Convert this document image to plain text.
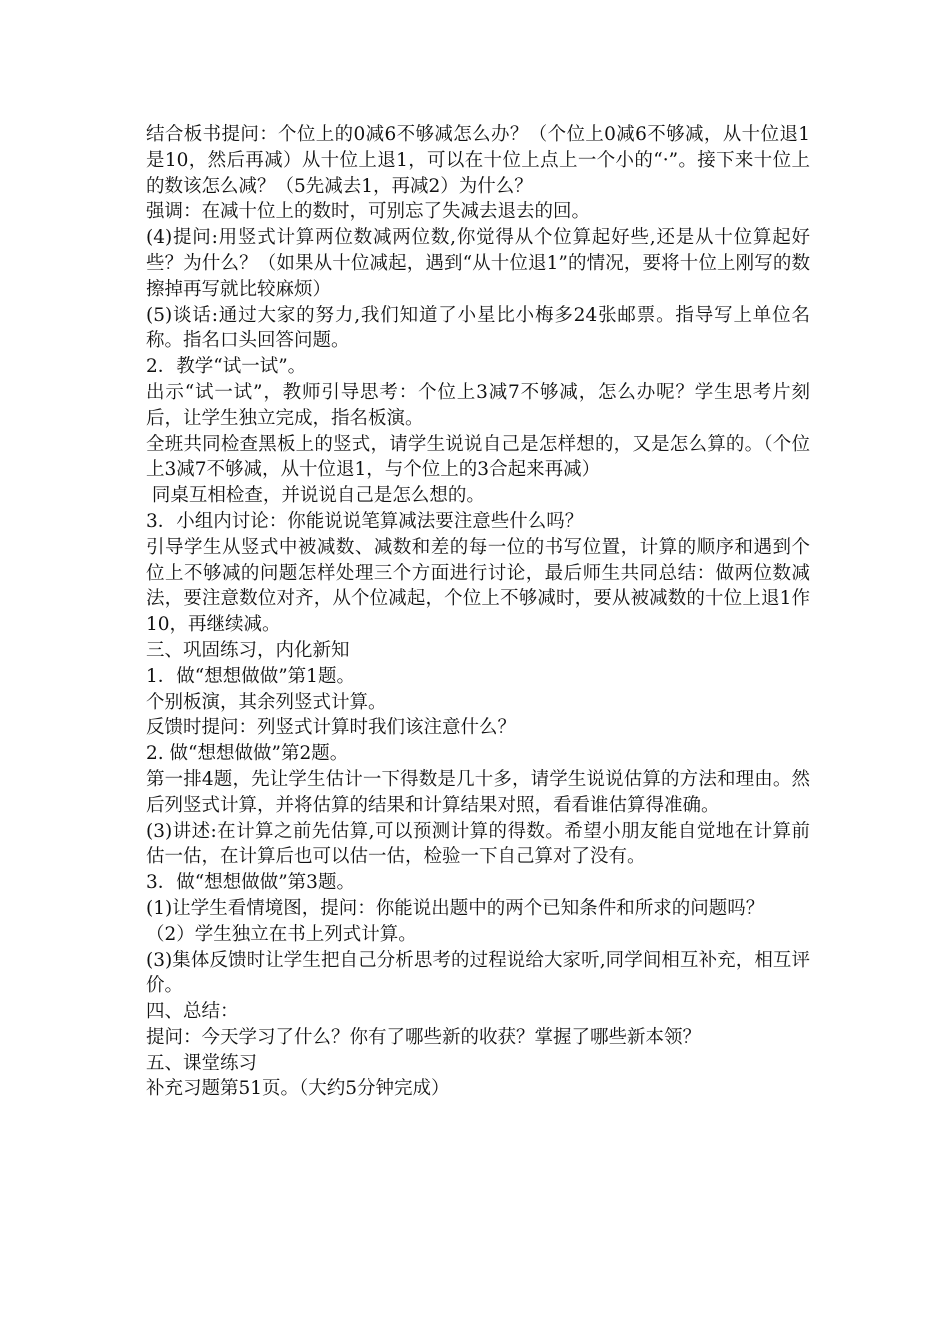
结合板书提问：个位上的0减6不够减怎么办？（个位上0减6不够减，从十位退1是10，然后再减）从十位上退1，可以在十位上点上一个小的“·”。接下来十位上的数该怎么减？（5先减去1，再减2）为什么？

强调：在减十位上的数时，可别忘了失减去退去的回。

(4)提问:用竖式计算两位数减两位数,你觉得从个位算起好些,还是从十位算起好些？为什么？（如果从十位减起，遇到“从十位退1”的情况，要将十位上刚写的数擦掉再写就比较麻烦）

(5)谈话:通过大家的努力,我们知道了小星比小梅多24张邮票。指导写上单位名称。指名口头回答问题。

2．教学“试一试”。

出示“试一试”，教师引导思考：个位上3减7不够减，怎么办呢？学生思考片刻后，让学生独立完成，指名板演。

全班共同检查黑板上的竖式，请学生说说自己是怎样想的，又是怎么算的。（个位上3减7不够减，从十位退1，与个位上的3合起来再减）

同桌互相检查，并说说自己是怎么想的。

3．小组内讨论：你能说说笔算减法要注意些什么吗？

引导学生从竖式中被减数、减数和差的每一位的书写位置，计算的顺序和遇到个位上不够减的问题怎样处理三个方面进行讨论，最后师生共同总结：做两位数减法，要注意数位对齐，从个位减起，个位上不够减时，要从被减数的十位上退1作10，再继续减。

三、巩固练习，内化新知

1．做“想想做做”第1题。

个别板演，其余列竖式计算。

反馈时提问：列竖式计算时我们该注意什么？

2. 做“想想做做”第2题。

第一排4题，先让学生估计一下得数是几十多，请学生说说估算的方法和理由。然后列竖式计算，并将估算的结果和计算结果对照，看看谁估算得准确。

(3)讲述:在计算之前先估算,可以预测计算的得数。希望小朋友能自觉地在计算前估一估，在计算后也可以估一估，检验一下自己算对了没有。

3．做“想想做做”第3题。

(1)让学生看情境图，提问：你能说出题中的两个已知条件和所求的问题吗？

（2）学生独立在书上列式计算。

(3)集体反馈时让学生把自己分析思考的过程说给大家听,同学间相互补充，相互评价。

四、总结：

提问：今天学习了什么？你有了哪些新的收获？掌握了哪些新本领？

五、课堂练习

补充习题第51页。（大约5分钟完成）
